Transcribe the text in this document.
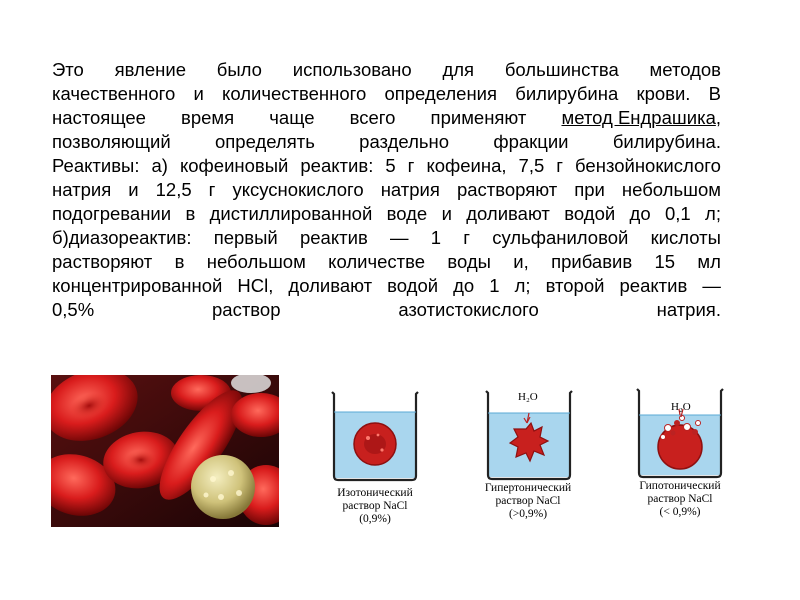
Это явление было использовано для большинства методов
качественного и количественного определения билирубина крови. В
настоящее время чаще всего применяют метод Ендрашика,
позволяющий определять раздельно фракции билирубина.
Реактивы: а) кофеиновый реактив: 5 г кофеина, 7,5 г бензойнокислого
натрия и 12,5 г уксуснокислого натрия растворяют при небольшом
подогревании в дистиллированной воде и доливают водой до 0,1 л;
б)диазореактив: первый реактив — 1 г сульфаниловой кислоты
растворяют в небольшом количестве воды и, прибавив 15 мл
концентрированной HCl, доливают водой до 1 л; второй реактив —
0,5%	раствор	азотистокислого	натрия.
Изотонический
раствор NaCl
(0,9%)
H₂O
Гипертонический
раствор NaCl
(>0,9%)
H₂O
Гипотонический
раствор NaCl
(< 0,9%)
